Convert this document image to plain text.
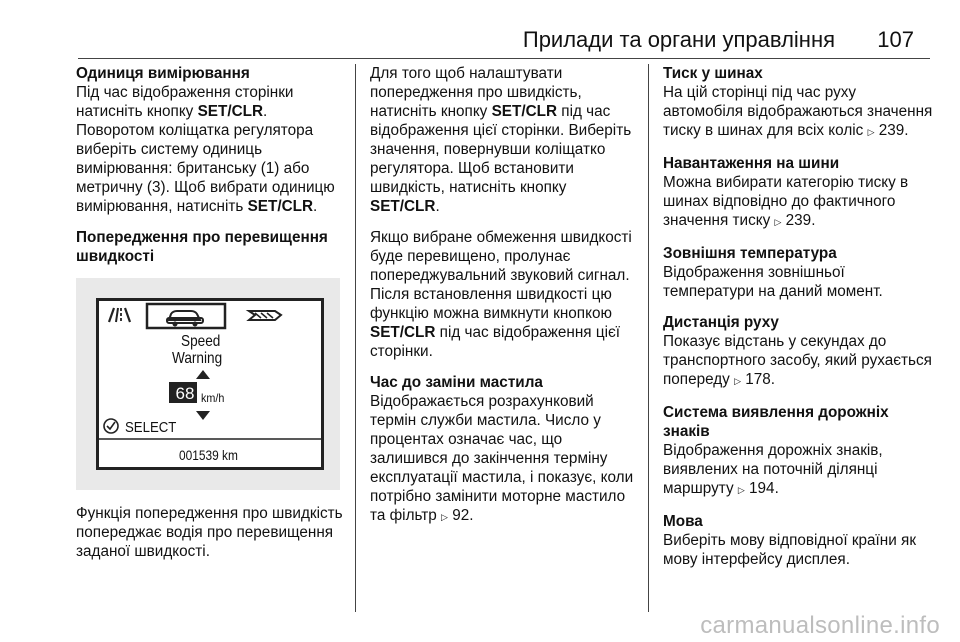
Прилади та органи управління 107

Одиниця вимірювання
Під час відображення сторінки натисніть кнопку SET/CLR. Поворотом коліщатка регулятора виберіть систему одиниць вимірювання: британську (1) або метричну (3). Щоб вибрати одиницю вимірювання, натисніть SET/CLR.

Попередження про перевищення швидкості

Speed
Warning
68 km/h
SELECT
001539 km

Функція попередження про швидкість попереджає водія про перевищення заданої швидкості.

Для того щоб налаштувати попередження про швидкість, натисніть кнопку SET/CLR під час відображення цієї сторінки. Виберіть значення, повернувши коліщатко регулятора. Щоб встановити швидкість, натисніть кнопку SET/CLR.

Якщо вибране обмеження швидкості буде перевищено, пролунає попереджувальний звуковий сигнал. Після встановлення швидкості цю функцію можна вимкнути кнопкою SET/CLR під час відображення цієї сторінки.

Час до заміни мастила
Відображається розрахунковий термін служби мастила. Число у процентах означає час, що залишився до закінчення терміну експлуатації мастила, і показує, коли потрібно замінити моторне мастило та фільтр ▷ 92.

Тиск у шинах
На цій сторінці під час руху автомобіля відображаються значення тиску в шинах для всіх коліс ▷ 239.

Навантаження на шини
Можна вибирати категорію тиску в шинах відповідно до фактичного значення тиску ▷ 239.

Зовнішня температура
Відображення зовнішньої температури на даний момент.

Дистанція руху
Показує відстань у секундах до транспортного засобу, який рухається попереду ▷ 178.

Система виявлення дорожніх знаків
Відображення дорожніх знаків, виявлених на поточній ділянці маршруту ▷ 194.

Мова
Виберіть мову відповідної країни як мову інтерфейсу дисплея.

carmanualsonline.info
